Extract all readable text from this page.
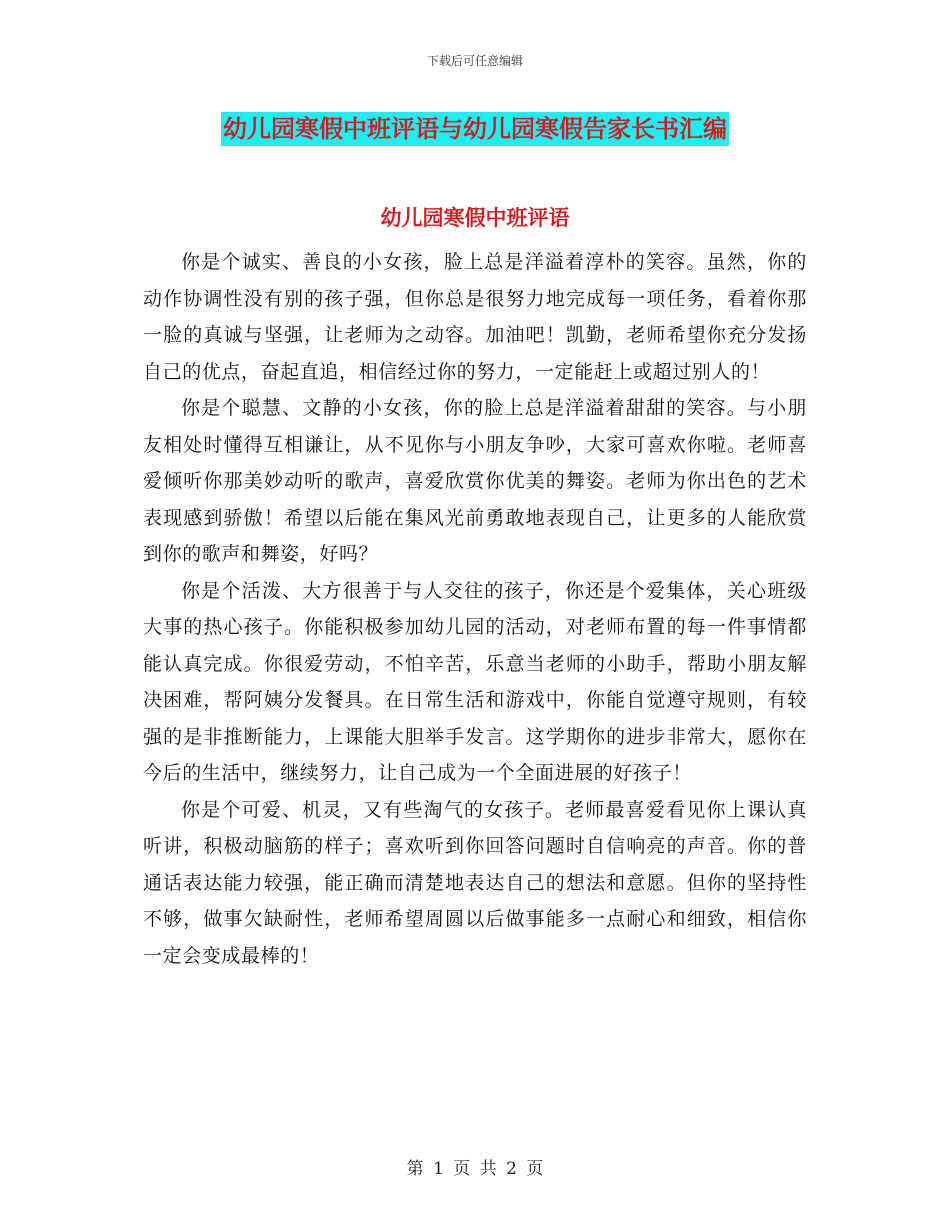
下载后可任意编辑
幼儿园寒假中班评语与幼儿园寒假告家长书汇编
幼儿园寒假中班评语

你是个诚实、善良的小女孩，脸上总是洋溢着淳朴的笑容。虽然，你的动作协调性没有别的孩子强，但你总是很努力地完成每一项任务，看着你那一脸的真诚与坚强，让老师为之动容。加油吧！凯勤，老师希望你充分发扬自己的优点，奋起直追，相信经过你的努力，一定能赶上或超过别人的！

你是个聪慧、文静的小女孩，你的脸上总是洋溢着甜甜的笑容。与小朋友相处时懂得互相谦让，从不见你与小朋友争吵，大家可喜欢你啦。老师喜爱倾听你那美妙动听的歌声，喜爱欣赏你优美的舞姿。老师为你出色的艺术表现感到骄傲！希望以后能在集风光前勇敢地表现自己，让更多的人能欣赏到你的歌声和舞姿，好吗？

你是个活泼、大方很善于与人交往的孩子，你还是个爱集体，关心班级大事的热心孩子。你能积极参加幼儿园的活动，对老师布置的每一件事情都能认真完成。你很爱劳动，不怕辛苦，乐意当老师的小助手，帮助小朋友解决困难，帮阿姨分发餐具。在日常生活和游戏中，你能自觉遵守规则，有较强的是非推断能力，上课能大胆举手发言。这学期你的进步非常大，愿你在今后的生活中，继续努力，让自己成为一个全面进展的好孩子！

你是个可爱、机灵，又有些淘气的女孩子。老师最喜爱看见你上课认真听讲，积极动脑筋的样子；喜欢听到你回答问题时自信响亮的声音。你的普通话表达能力较强，能正确而清楚地表达自己的想法和意愿。但你的坚持性不够，做事欠缺耐性，老师希望周圆以后做事能多一点耐心和细致，相信你一定会变成最棒的！

第 1 页 共 2 页
